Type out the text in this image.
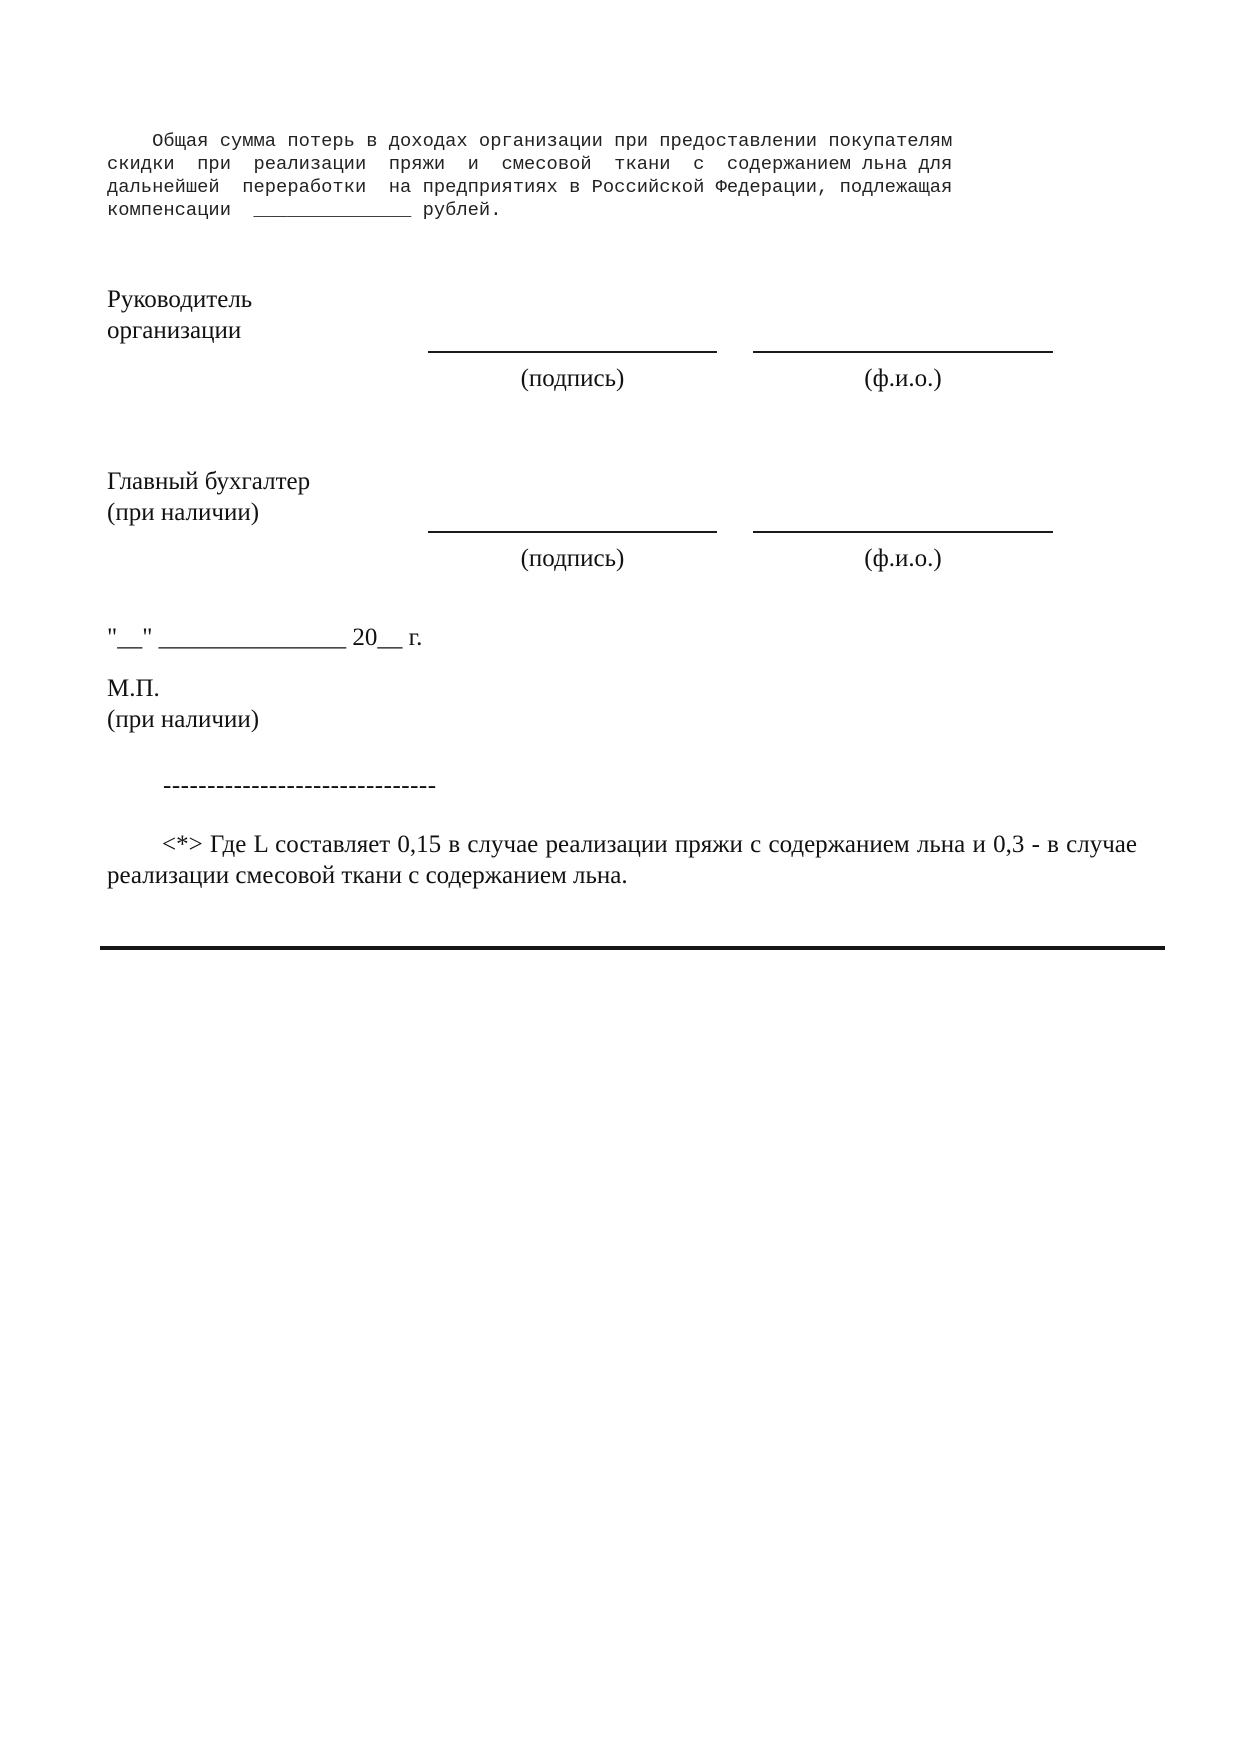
Общая сумма потерь в доходах организации при предоставлении покупателям
скидки  при  реализации  пряжи  и  смесовой  ткани  с  содержанием льна для
дальнейшей  переработки  на предприятиях в Российской Федерации, подлежащая
компенсации  ______________ рублей.
Руководитель
организации
(подпись)	(ф.и.о.)
Главный бухгалтер
(при наличии)
(подпись)	(ф.и.о.)
"__" _______________ 20__ г.
М.П.
(при наличии)
-------------------------------
<*> Где L составляет 0,15 в случае реализации пряжи с содержанием льна и 0,3 - в случае
реализации смесовой ткани с содержанием льна.
